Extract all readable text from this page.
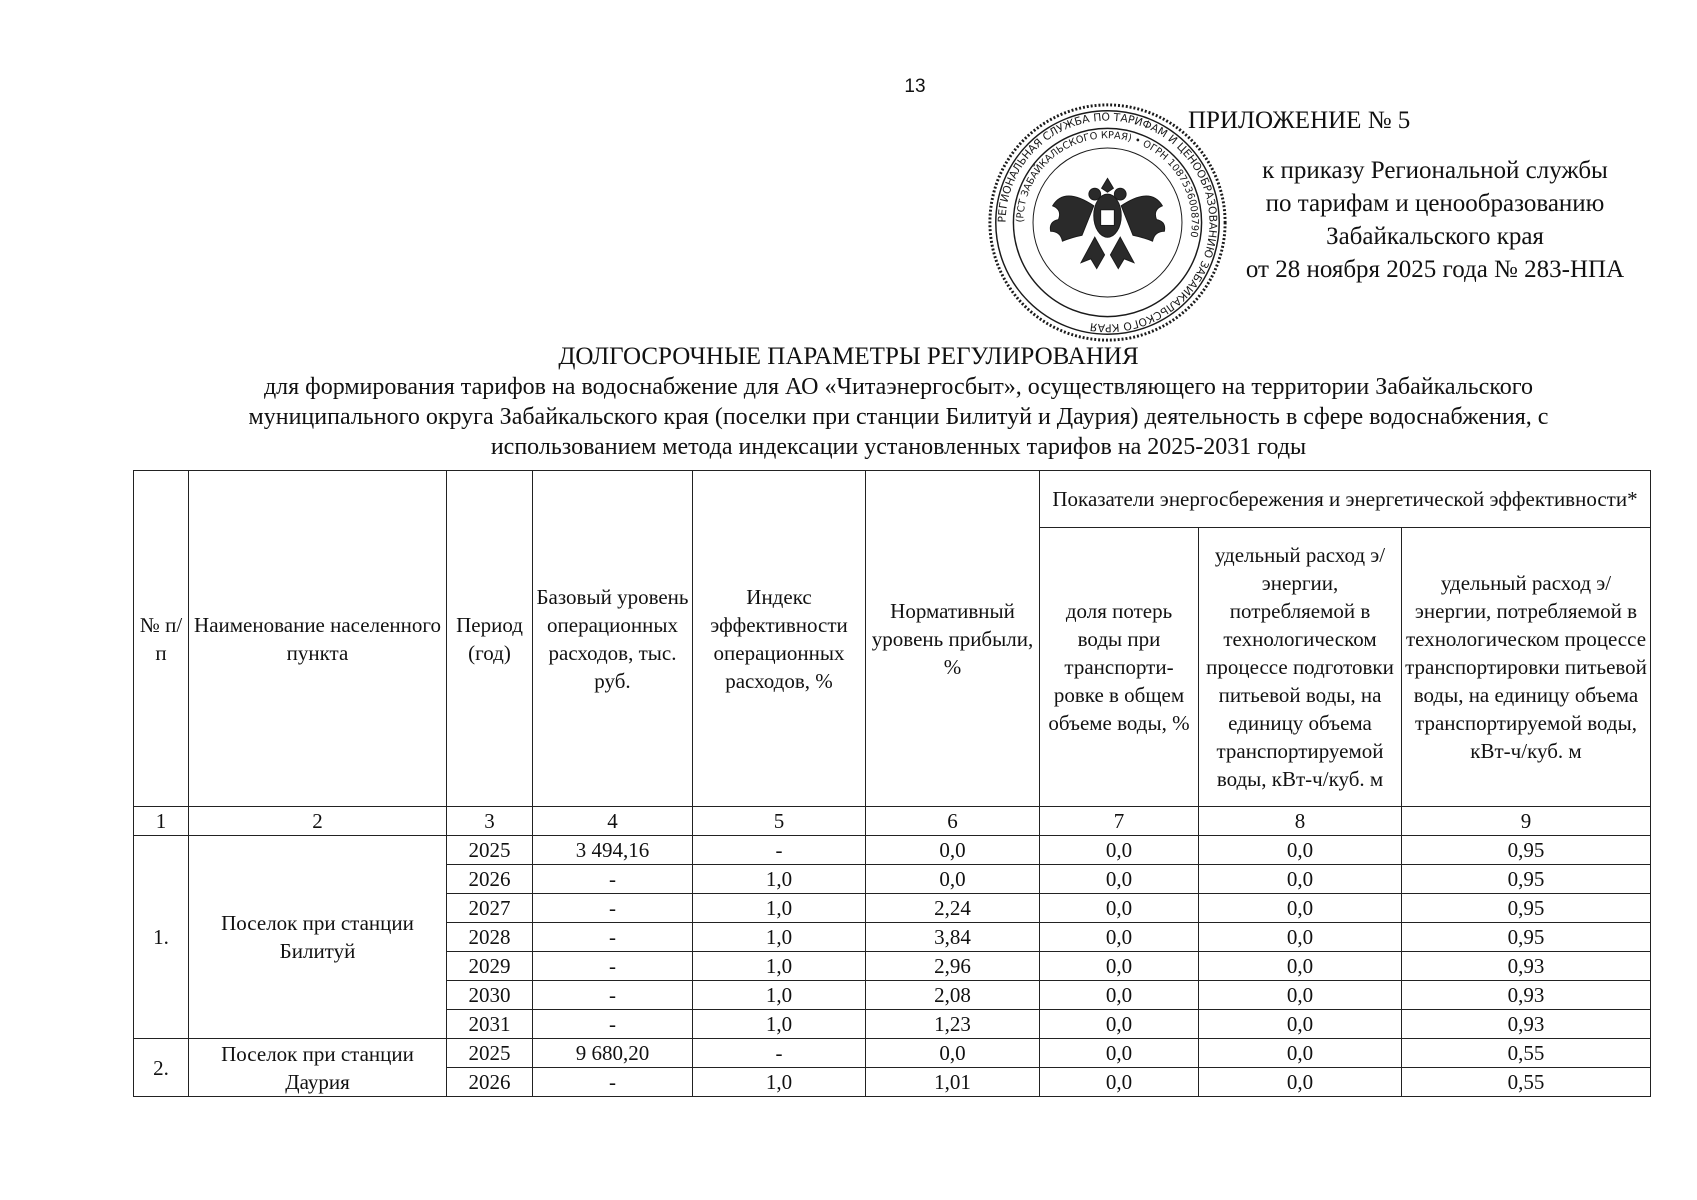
13
ПРИЛОЖЕНИЕ № 5
к приказу Региональной службы
по тарифам и ценообразованию
Забайкальского края
от 28 ноября 2025 года № 283-НПА
РЕГИОНАЛЬНАЯ СЛУЖБА ПО ТАРИФАМ И ЦЕНООБРАЗОВАНИЮ ЗАБАЙКАЛЬСКОГО КРАЯ
(РСТ ЗАБАЙКАЛЬСКОГО КРАЯ) • ОГРН 1087536008790
ДОЛГОСРОЧНЫЕ ПАРАМЕТРЫ РЕГУЛИРОВАНИЯ
для формирования тарифов на водоснабжение для АО «Читаэнергосбыт», осуществляющего на территории Забайкальского
муниципального округа Забайкальского края (поселки при станции Билитуй и Даурия) деятельность в сфере водоснабжения, с
использованием метода индексации установленных тарифов на 2025-2031 годы
№ п/п	Наименование населенного пункта	Период (год)	Базовый уровень операционных расходов, тыс. руб.	Индекс эффективности операционных расходов, %	Нормативный уровень прибыли, %	Показатели энергосбережения и энергетической эффективности*		
						доля потерь воды при транспорти- ровке в общем объеме воды, %	удельный расход э/энергии, потребляемой в технологическом процессе подготовки питьевой воды, на единицу объема транспортируемой воды, кВт-ч/куб. м	удельный расход э/энергии, потребляемой в технологическом процессе транспортировки питьевой воды, на единицу объема транспортируемой воды, кВт-ч/куб. м
1	2	3	4	5	6	7	8	9
1.	Поселок при станции Билитуй	2025	3 494,16	-	0,0	0,0	0,0	0,95
		2026	-	1,0	0,0	0,0	0,0	0,95
		2027	-	1,0	2,24	0,0	0,0	0,95
		2028	-	1,0	3,84	0,0	0,0	0,95
		2029	-	1,0	2,96	0,0	0,0	0,93
		2030	-	1,0	2,08	0,0	0,0	0,93
		2031	-	1,0	1,23	0,0	0,0	0,93
2.	Поселок при станции Даурия	2025	9 680,20	-	0,0	0,0	0,0	0,55
		2026	-	1,0	1,01	0,0	0,0	0,55
